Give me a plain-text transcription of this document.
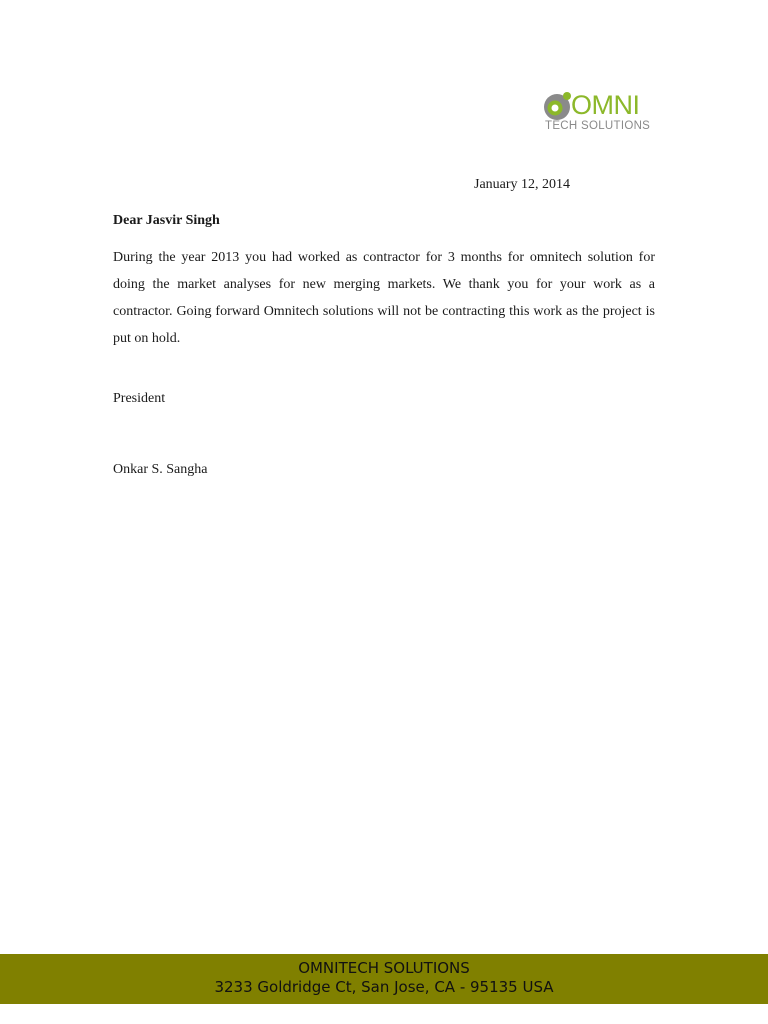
OMNI
TECH SOLUTIONS
January 12, 2014
Dear Jasvir Singh

During the year 2013 you had worked as contractor for 3 months for omnitech solution for doing the market analyses for new merging markets. We thank you for your work as a contractor. Going forward Omnitech solutions will not be contracting this work as the project is put on hold.

President
Onkar S. Sangha
OMNITECH SOLUTIONS
3233 Goldridge Ct, San Jose, CA - 95135 USA
